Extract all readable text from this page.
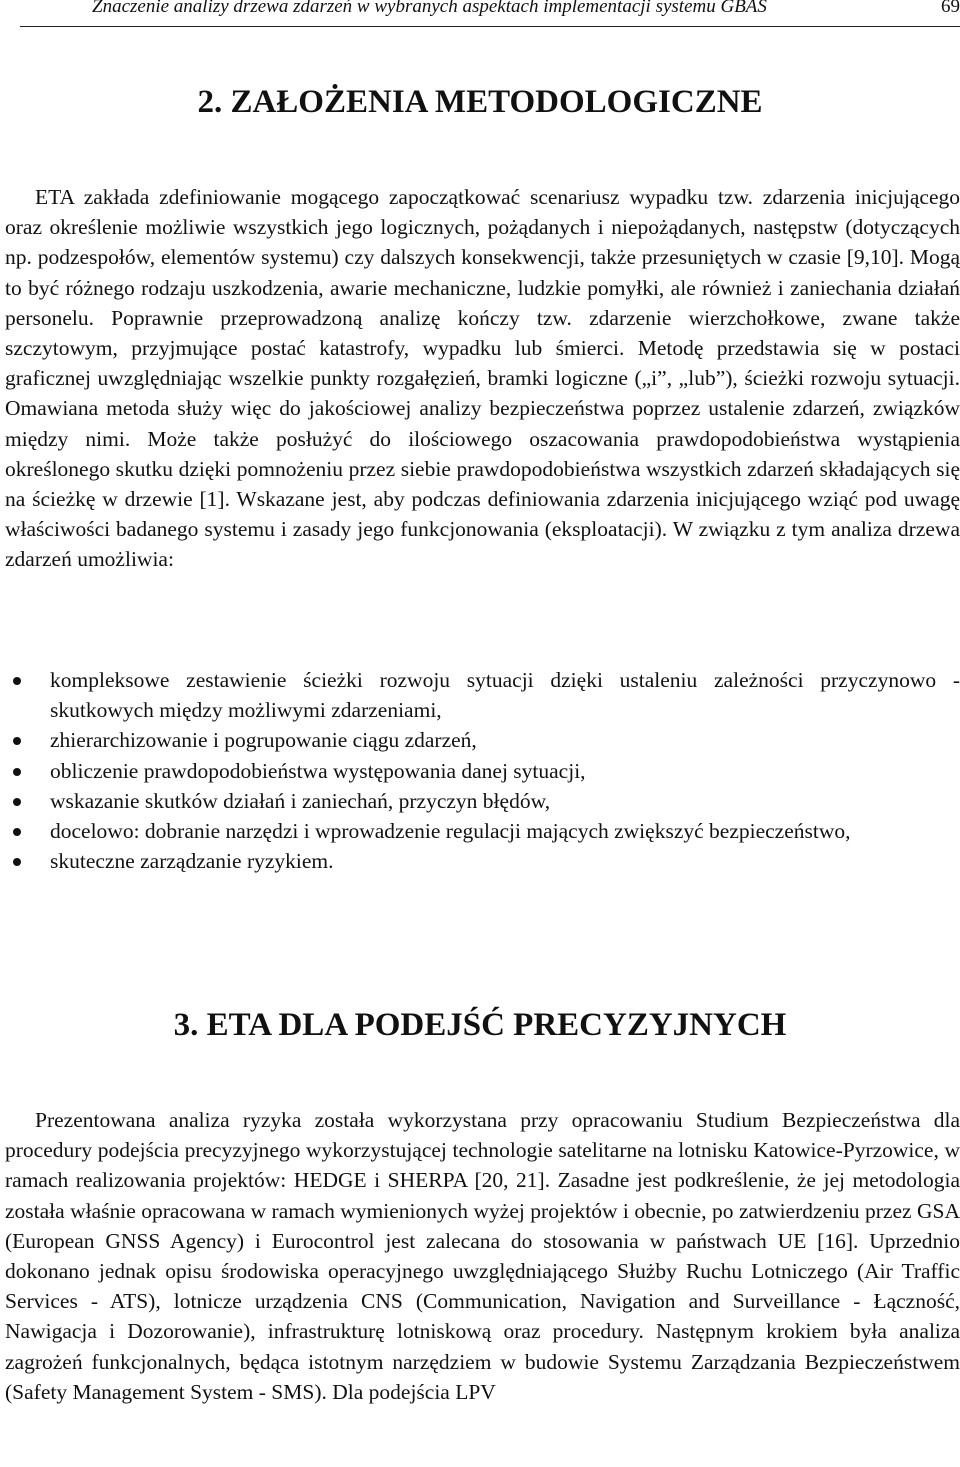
Znaczenie analizy drzewa zdarzeń w wybranych aspektach implementacji systemu GBAS	69
2. ZAŁOŻENIA METODOLOGICZNE

ETA zakłada zdefiniowanie mogącego zapoczątkować scenariusz wypadku tzw. zdarzenia inicjującego oraz określenie możliwie wszystkich jego logicznych, pożądanych i niepożądanych, następstw (dotyczących np. podzespołów, elementów systemu) czy dalszych konsekwencji, także przesuniętych w czasie [9,10]. Mogą to być różnego rodzaju uszkodzenia, awarie mechaniczne, ludzkie pomyłki, ale również i zaniechania działań personelu. Poprawnie przeprowadzoną analizę kończy tzw. zdarzenie wierzchołkowe, zwane także szczytowym, przyjmujące postać katastrofy, wypadku lub śmierci. Metodę przedstawia się w postaci graficznej uwzględniając wszelkie punkty rozgałęzień, bramki logiczne („i”, „lub”), ścieżki rozwoju sytuacji. Omawiana metoda służy więc do jakościowej analizy bezpieczeństwa poprzez ustalenie zdarzeń, związków między nimi. Może także posłużyć do ilościowego oszacowania prawdopodobieństwa wystąpienia określonego skutku dzięki pomnożeniu przez siebie prawdopodobieństwa wszystkich zdarzeń składających się na ścieżkę w drzewie [1]. Wskazane jest, aby podczas definiowania zdarzenia inicjującego wziąć pod uwagę właściwości badanego systemu i zasady jego funkcjonowania (eksploatacji). W związku z tym analiza drzewa zdarzeń umożliwia:

kompleksowe zestawienie ścieżki rozwoju sytuacji dzięki ustaleniu zależności przyczynowo - skutkowych między możliwymi zdarzeniami,
zhierarchizowanie i pogrupowanie ciągu zdarzeń,
obliczenie prawdopodobieństwa występowania danej sytuacji,
wskazanie skutków działań i zaniechań, przyczyn błędów,
docelowo: dobranie narzędzi i wprowadzenie regulacji mających zwiększyć bezpieczeństwo,
skuteczne zarządzanie ryzykiem.
3. ETA DLA PODEJŚĆ PRECYZYJNYCH

Prezentowana analiza ryzyka została wykorzystana przy opracowaniu Studium Bezpieczeństwa dla procedury podejścia precyzyjnego wykorzystującej technologie satelitarne na lotnisku Katowice-Pyrzowice, w ramach realizowania projektów: HEDGE i SHERPA [20, 21]. Zasadne jest podkreślenie, że jej metodologia została właśnie opracowana w ramach wymienionych wyżej projektów i obecnie, po zatwierdzeniu przez GSA (European GNSS Agency) i Eurocontrol jest zalecana do stosowania w państwach UE [16]. Uprzednio dokonano jednak opisu środowiska operacyjnego uwzględniającego Służby Ruchu Lotniczego (Air Traffic Services - ATS), lotnicze urządzenia CNS (Communication, Navigation and Surveillance - Łączność, Nawigacja i Dozorowanie), infrastrukturę lotniskową oraz procedury. Następnym krokiem była analiza zagrożeń funkcjonalnych, będąca istotnym narzędziem w budowie Systemu Zarządzania Bezpieczeństwem (Safety Management System - SMS). Dla podejścia LPV
